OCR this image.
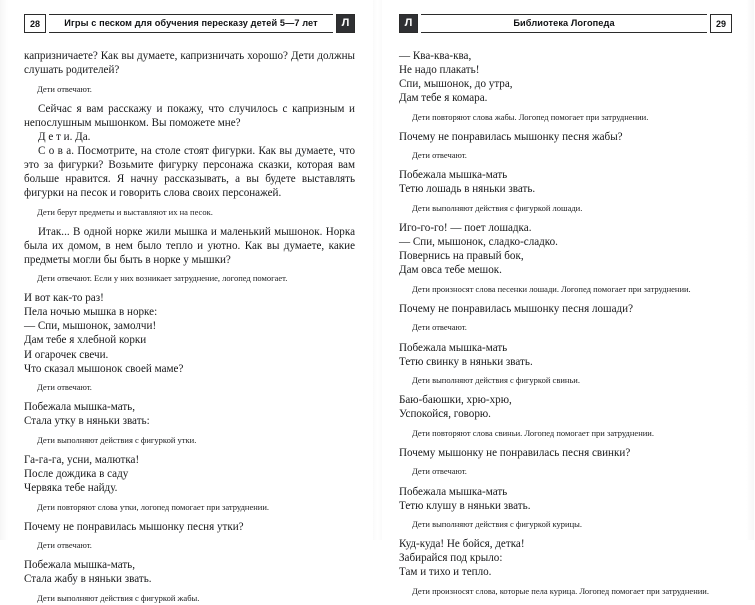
28	Игры с песком для обучения пересказу детей 5—7 лет	Л

капризничаете? Как вы думаете, капризничать хорошо? Дети должны слушать родителей?

Дети отвечают.

Сейчас я вам расскажу и покажу, что случилось с капризным и непослушным мышонком. Вы поможете мне?

Д е т и. Да.

С о в а. Посмотрите, на столе стоят фигурки. Как вы думаете, что это за фигурки? Возьмите фигурку персонажа сказки, которая вам больше нравится. Я начну рассказывать, а вы будете выставлять фигурки на песок и говорить слова своих персонажей.

Дети берут предметы и выставляют их на песок.

Итак... В одной норке жили мышка и маленький мышонок. Норка была их домом, в нем было тепло и уютно. Как вы думаете, какие предметы могли бы быть в норке у мышки?

Дети отвечают. Если у них возникает затруднение, логопед помогает.

И вот как-то раз!

Пела ночью мышка в норке:

— Спи, мышонок, замолчи!

Дам тебе я хлебной корки

И огарочек свечи.

Что сказал мышонок своей маме?

Дети отвечают.

Побежала мышка-мать,

Стала утку в няньки звать:

Дети выполняют действия с фигуркой утки.

Га-га-га, усни, малютка!

После дождика в саду

Червяка тебе найду.

Дети повторяют слова утки, логопед помогает при затруднении.

Почему не понравилась мышонку песня утки?

Дети отвечают.

Побежала мышка-мать,

Стала жабу в няньки звать.

Дети выполняют действия с фигуркой жабы.

Л	Библиотека Логопеда	29

— Ква-ква-ква,

Не надо плакать!

Спи, мышонок, до утра,

Дам тебе я комара.

Дети повторяют слова жабы. Логопед помогает при затруднении.

Почему не понравилась мышонку песня жабы?

Дети отвечают.

Побежала мышка-мать

Тетю лошадь в няньки звать.

Дети выполняют действия с фигуркой лошади.

Иго-го-го! — поет лошадка.

— Спи, мышонок, сладко-сладко.

Повернись на правый бок,

Дам овса тебе мешок.

Дети произносят слова песенки лошади. Логопед помогает при затруднении.

Почему не понравилась мышонку песня лошади?

Дети отвечают.

Побежала мышка-мать

Тетю свинку в няньки звать.

Дети выполняют действия с фигуркой свиньи.

Баю-баюшки, хрю-хрю,

Успокойся, говорю.

Дети повторяют слова свиньи. Логопед помогает при затруднении.

Почему мышонку не понравилась песня свинки?

Дети отвечают.

Побежала мышка-мать

Тетю клушу в няньки звать.

Дети выполняют действия с фигуркой курицы.

Куд-куда! Не бойся, детка!

Забирайся под крыло:

Там и тихо и тепло.

Дети произносят слова, которые пела курица. Логопед помогает при затруднении.
